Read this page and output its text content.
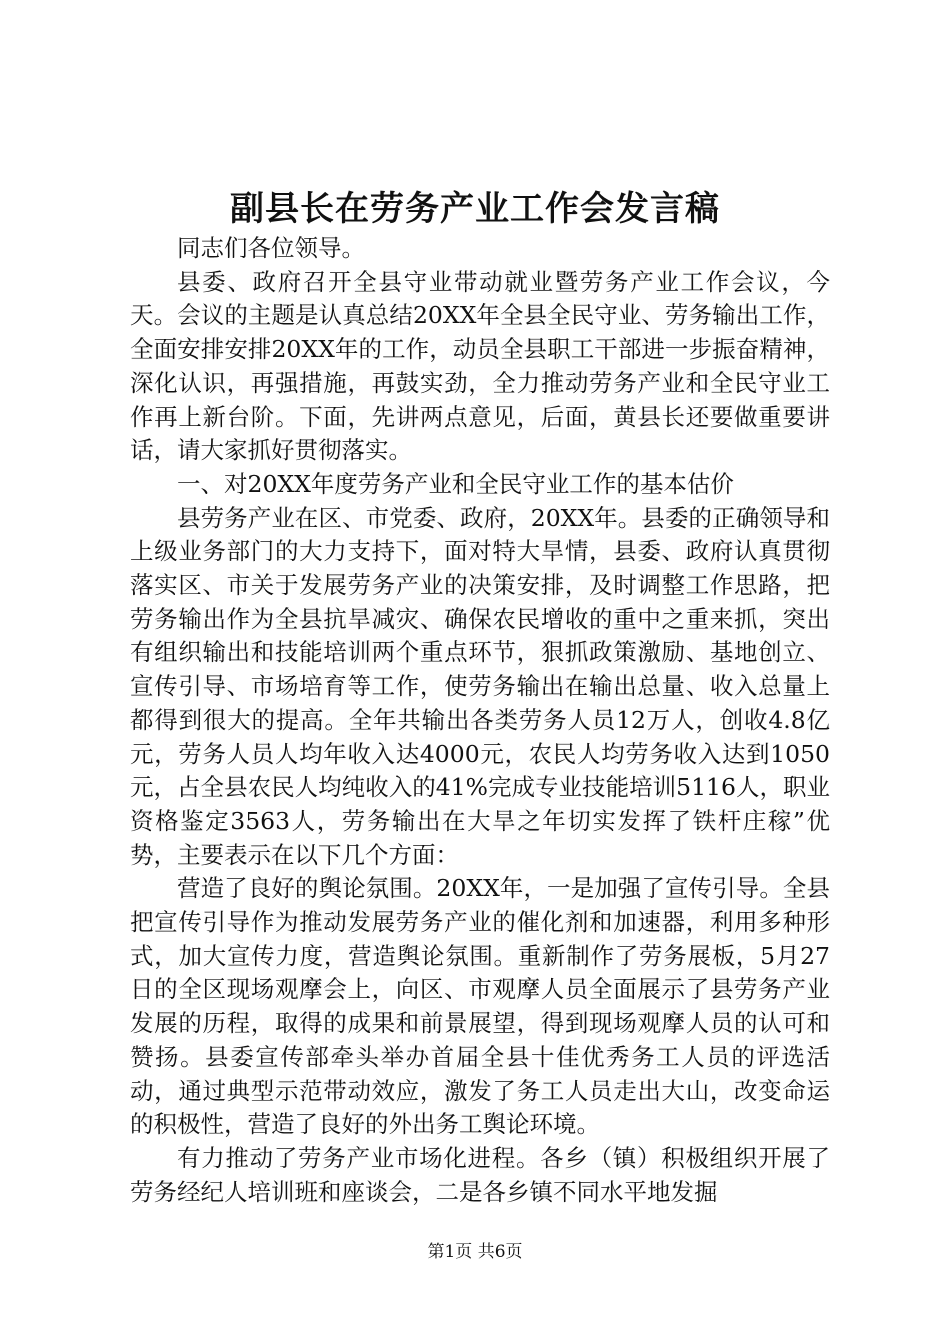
副县长在劳务产业工作会发言稿

同志们各位领导。

县委、政府召开全县守业带动就业暨劳务产业工作会议，今天。会议的主题是认真总结20XX年全县全民守业、劳务输出工作，全面安排安排20XX年的工作，动员全县职工干部进一步振奋精神，深化认识，再强措施，再鼓实劲，全力推动劳务产业和全民守业工作再上新台阶。下面，先讲两点意见，后面，黄县长还要做重要讲话，请大家抓好贯彻落实。

一、对20XX年度劳务产业和全民守业工作的基本估价

县劳务产业在区、市党委、政府，20XX年。县委的正确领导和上级业务部门的大力支持下，面对特大旱情，县委、政府认真贯彻落实区、市关于发展劳务产业的决策安排，及时调整工作思路，把劳务输出作为全县抗旱减灾、确保农民增收的重中之重来抓，突出有组织输出和技能培训两个重点环节，狠抓政策激励、基地创立、宣传引导、市场培育等工作，使劳务输出在输出总量、收入总量上都得到很大的提高。全年共输出各类劳务人员12万人，创收4.8亿元，劳务人员人均年收入达4000元，农民人均劳务收入达到1050元，占全县农民人均纯收入的41%完成专业技能培训5116人，职业资格鉴定3563人，劳务输出在大旱之年切实发挥了铁杆庄稼”优势，主要表示在以下几个方面：

营造了良好的舆论氛围。20XX年，一是加强了宣传引导。全县把宣传引导作为推动发展劳务产业的催化剂和加速器，利用多种形式，加大宣传力度，营造舆论氛围。重新制作了劳务展板，5月27日的全区现场观摩会上，向区、市观摩人员全面展示了县劳务产业发展的历程，取得的成果和前景展望，得到现场观摩人员的认可和赞扬。县委宣传部牵头举办首届全县十佳优秀务工人员的评选活动，通过典型示范带动效应，激发了务工人员走出大山，改变命运的积极性，营造了良好的外出务工舆论环境。

有力推动了劳务产业市场化进程。各乡（镇）积极组织开展了劳务经纪人培训班和座谈会，二是各乡镇不同水平地发掘

第1页 共6页
